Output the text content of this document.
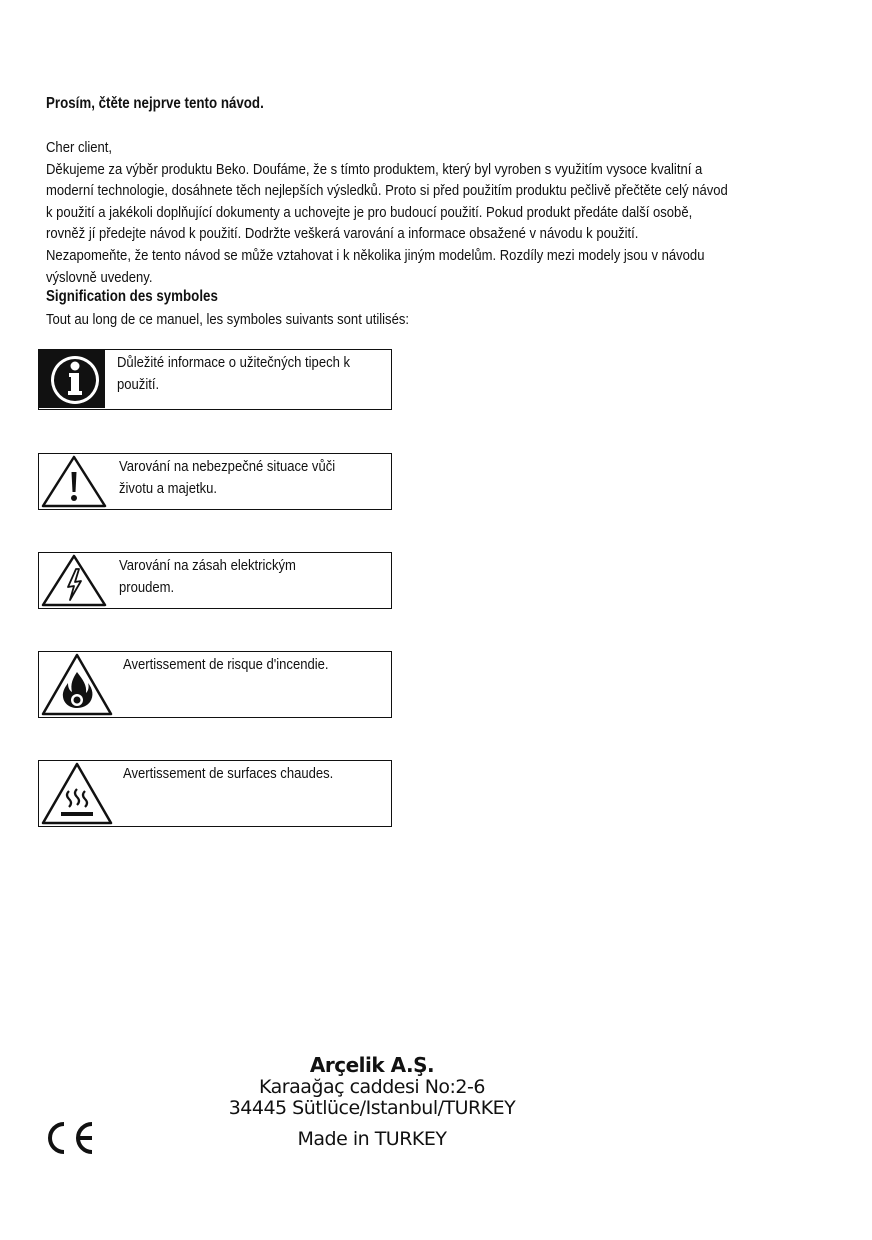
Prosím, čtěte nejprve tento návod.
Cher client,
Děkujeme za výběr produktu Beko. Doufáme, že s tímto produktem, který byl vyroben s využitím vysoce kvalitní a
moderní technologie, dosáhnete těch nejlepších výsledků. Proto si před použitím produktu pečlivě přečtěte celý návod
k použití a jakékoli doplňující dokumenty a uchovejte je pro budoucí použití. Pokud produkt předáte další osobě,
rovněž jí předejte návod k použití. Dodržte veškerá varování a informace obsažené v návodu k použití.
Nezapomeňte, že tento návod se může vztahovat i k několika jiným modelům. Rozdíly mezi modely jsou v návodu
výslovně uvedeny.
Signification des symboles
Tout au long de ce manuel, les symboles suivants sont utilisés:
Důležité informace o užitečných tipech k
použití.
Varování na nebezpečné situace vůči
životu a majetku.
Varování na zásah elektrickým
proudem.
Avertissement de risque d'incendie.
Avertissement de surfaces chaudes.
Arçelik A.Ş.
Karaağaç caddesi No:2-6
34445 Sütlüce/Istanbul/TURKEY
Made in TURKEY
